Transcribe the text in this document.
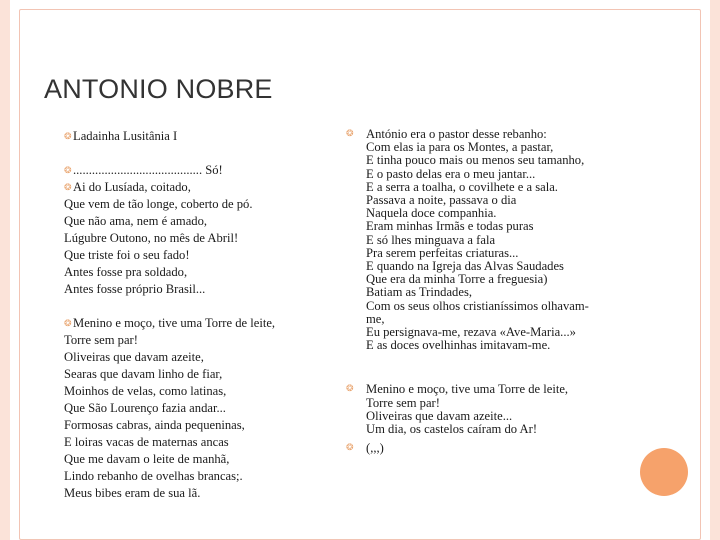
ANTONIO NOBRE

❂Ladainha Lusitânia I

❂......................................... Só!

❂Ai do Lusíada, coitado,
Que vem de tão longe, coberto de pó.
Que não ama, nem é amado,
Lúgubre Outono, no mês de Abril!
Que triste foi o seu fado!
Antes fosse pra soldado,
Antes fosse próprio Brasil...
❂Menino e moço, tive uma Torre de leite,
Torre sem par!
Oliveiras que davam azeite,
Searas que davam linho de fiar,
Moinhos de velas, como latinas,
Que São Lourenço fazia andar...
Formosas cabras, ainda pequeninas,
E loiras vacas de maternas ancas
Que me davam o leite de manhã,
Lindo rebanho de ovelhas brancas;.
Meus bibes eram de sua lã.
❂ António era o pastor desse rebanho:
Com elas ia para os Montes, a pastar,
E tinha pouco mais ou menos seu tamanho,
E o pasto delas era o meu jantar...
E a serra a toalha, o covilhete e a sala.
Passava a noite, passava o dia
Naquela doce companhia.
Eram minhas Irmãs e todas puras
E só lhes minguava a fala
Pra serem perfeitas criaturas...
E quando na Igreja das Alvas Saudades
Que era da minha Torre a freguesia)
Batiam as Trindades,
Com os seus olhos cristianíssimos olhavam-
me,
Eu persignava-me, rezava «Ave-Maria...»
E as doces ovelhinhas imitavam-me.
❂ Menino e moço, tive uma Torre de leite,
Torre sem par!
Oliveiras que davam azeite...
Um dia, os castelos caíram do Ar!
❂ (,,,)
